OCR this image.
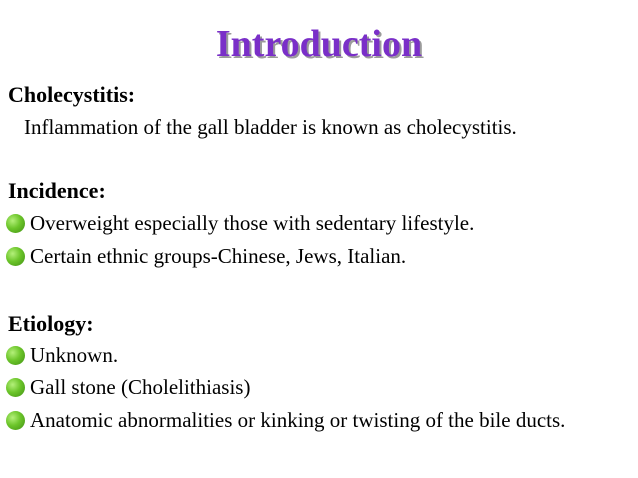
Introduction
Cholecystitis:
Inflammation of the gall bladder is known as cholecystitis.
Incidence:
Overweight especially those with sedentary lifestyle.
Certain ethnic groups-Chinese, Jews, Italian.
Etiology:
Unknown.
Gall stone (Cholelithiasis)
Anatomic abnormalities or kinking or twisting of the bile ducts.
